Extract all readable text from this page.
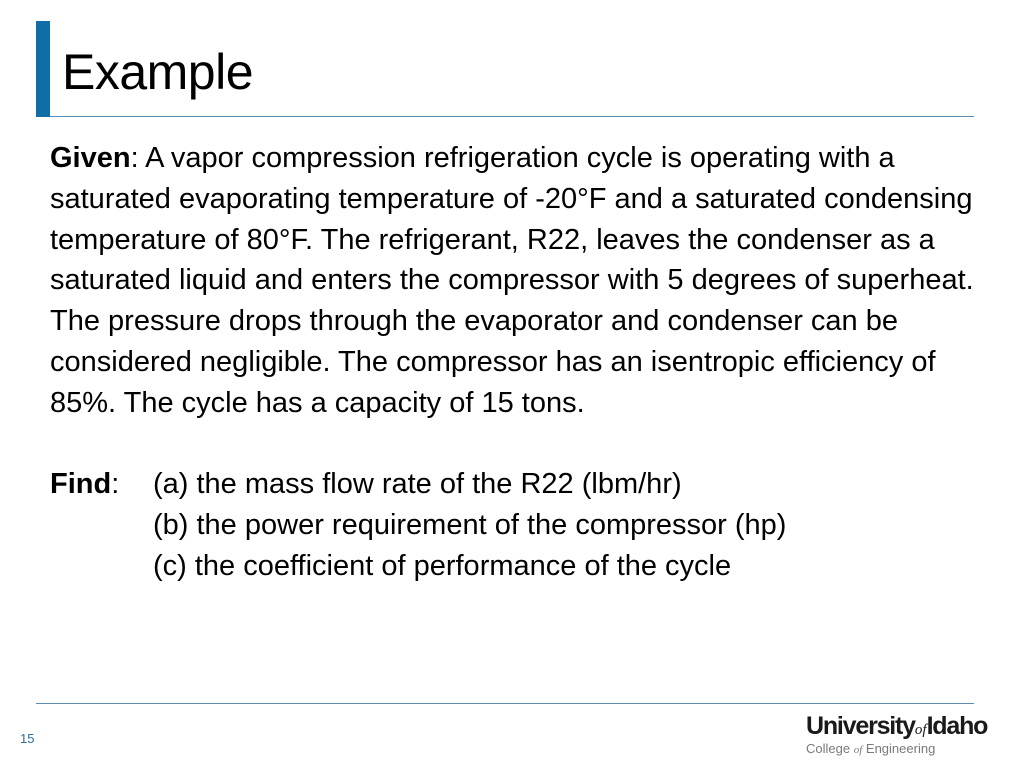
Example

Given: A vapor compression refrigeration cycle is operating with a saturated evaporating temperature of -20°F and a saturated condensing temperature of 80°F. The refrigerant, R22, leaves the condenser as a saturated liquid and enters the compressor with 5 degrees of superheat. The pressure drops through the evaporator and condenser can be considered negligible. The compressor has an isentropic efficiency of 85%. The cycle has a capacity of 15 tons.

Find:	(a) the mass flow rate of the R22 (lbm/hr)
(b) the power requirement of the compressor (hp)
(c) the coefficient of performance of the cycle
15	UniversityofIdaho
College of Engineering
